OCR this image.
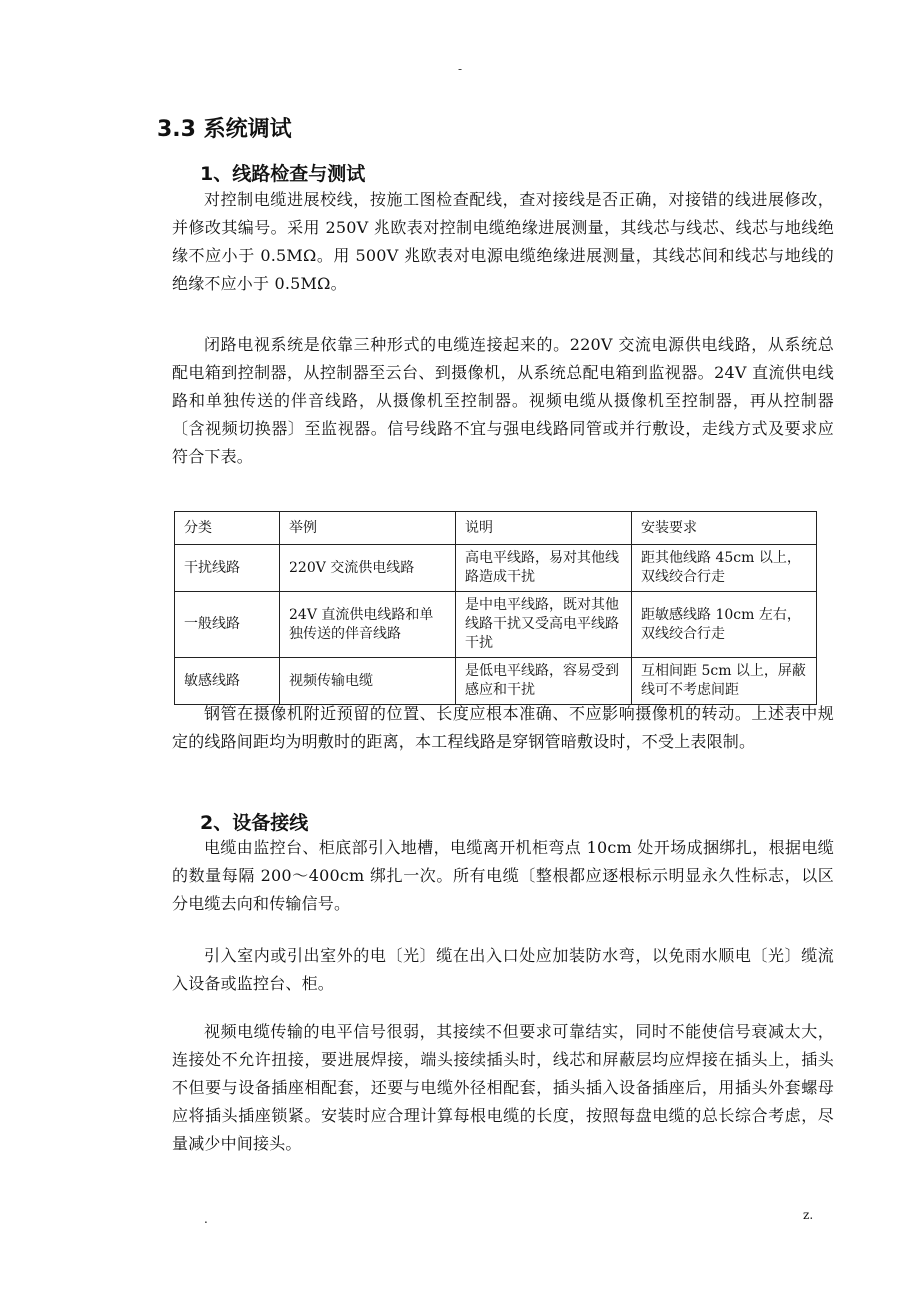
-
3.3 系统调试
1、线路检查与测试

对控制电缆进展校线，按施工图检查配线，查对接线是否正确，对接错的线进展修改，并修改其编号。采用 250V 兆欧表对控制电缆绝缘进展测量，其线芯与线芯、线芯与地线绝缘不应小于 0.5MΩ。用 500V 兆欧表对电源电缆绝缘进展测量，其线芯间和线芯与地线的绝缘不应小于 0.5MΩ。

闭路电视系统是依靠三种形式的电缆连接起来的。220V 交流电源供电线路，从系统总配电箱到控制器，从控制器至云台、到摄像机，从系统总配电箱到监视器。24V 直流供电线路和单独传送的伴音线路，从摄像机至控制器。视频电缆从摄像机至控制器，再从控制器〔含视频切换器〕至监视器。信号线路不宜与强电线路同管或并行敷设，走线方式及要求应符合下表。

分类	举例	说明	安装要求
干扰线路	220V 交流供电线路	高电平线路，易对其他线路造成干扰	距其他线路 45cm 以上，双线绞合行走
一般线路	24V 直流供电线路和单独传送的伴音线路	是中电平线路，既对其他线路干扰又受高电平线路干扰	距敏感线路 10cm 左右，双线绞合行走
敏感线路	视频传输电缆	是低电平线路，容易受到感应和干扰	互相间距 5cm 以上，屏蔽线可不考虑间距

钢管在摄像机附近预留的位置、长度应根本准确、不应影响摄像机的转动。上述表中规定的线路间距均为明敷时的距离，本工程线路是穿钢管暗敷设时，不受上表限制。

2、设备接线

电缆由监控台、柜底部引入地槽，电缆离开机柜弯点 10cm 处开场成捆绑扎，根据电缆的数量每隔 200～400cm 绑扎一次。所有电缆〔整根都应逐根标示明显永久性标志，以区分电缆去向和传输信号。

引入室内或引出室外的电〔光〕缆在出入口处应加装防水弯，以免雨水顺电〔光〕缆流入设备或监控台、柜。

视频电缆传输的电平信号很弱，其接续不但要求可靠结实，同时不能使信号衰减太大，连接处不允许扭接，要进展焊接，端头接续插头时，线芯和屏蔽层均应焊接在插头上，插头不但要与设备插座相配套，还要与电缆外径相配套，插头插入设备插座后，用插头外套螺母应将插头插座锁紧。安装时应合理计算每根电缆的长度，按照每盘电缆的总长综合考虑，尽量减少中间接头。

.	z.
